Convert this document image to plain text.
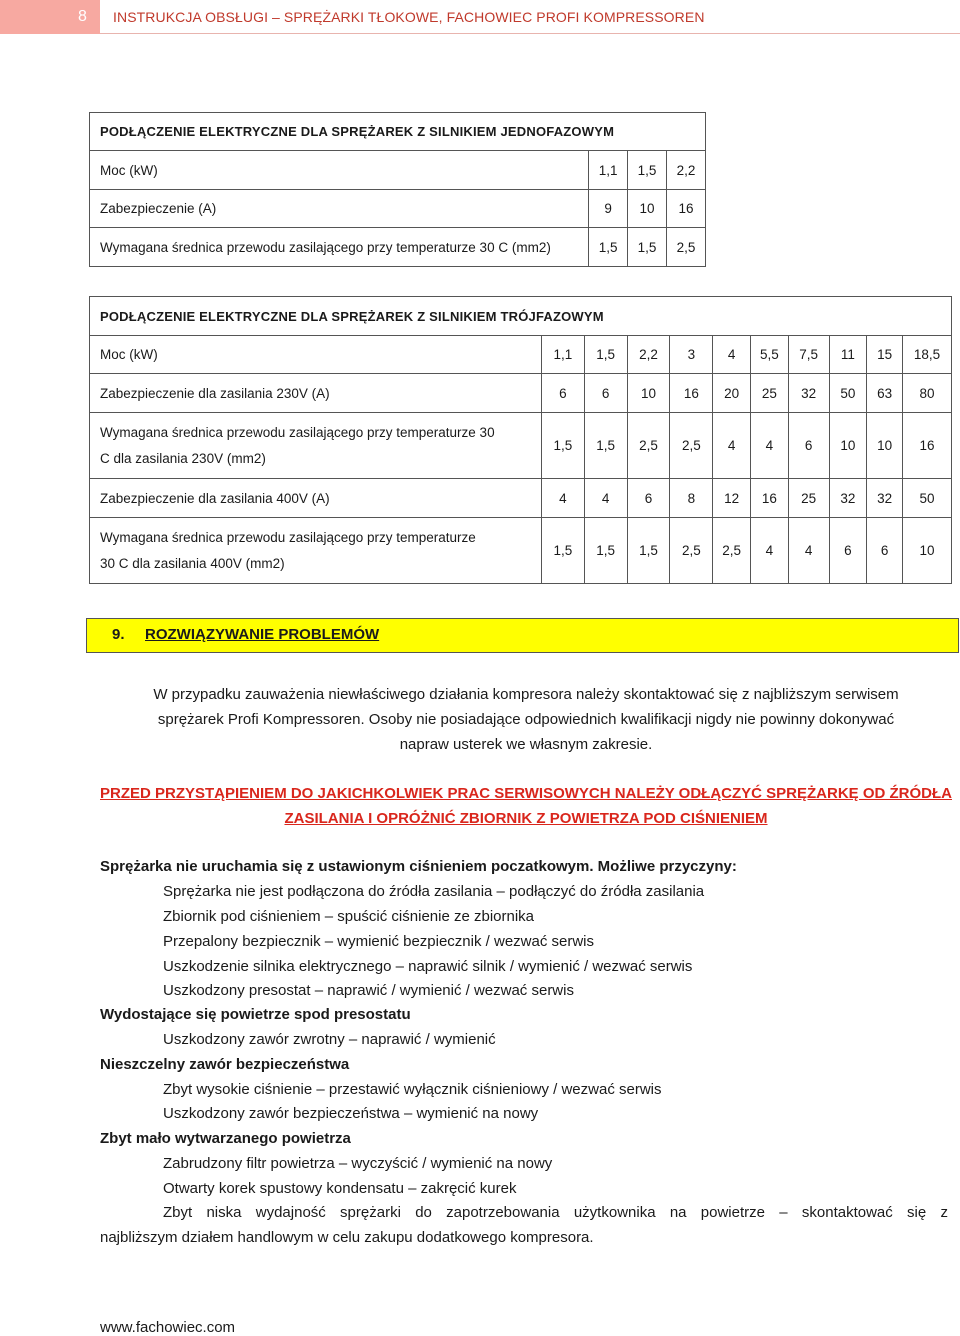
8 INSTRUKCJA OBSŁUGI – SPRĘŻARKI TŁOKOWE, FACHOWIEC PROFI KOMPRESSOREN
PODŁĄCZENIE ELEKTRYCZNE DLA SPRĘŻAREK Z SILNIKIEM JEDNOFAZOWYM			
Moc (kW)	1,1	1,5	2,2
Zabezpieczenie (A)	9	10	16
Wymagana średnica przewodu zasilającego przy temperaturze 30 C (mm2)	1,5	1,5	2,5
PODŁĄCZENIE ELEKTRYCZNE DLA SPRĘŻAREK Z SILNIKIEM TRÓJFAZOWYM										
Moc (kW)	1,1	1,5	2,2	3	4	5,5	7,5	11	15	18,5
Zabezpieczenie dla zasilania 230V (A)	6	6	10	16	20	25	32	50	63	80
Wymagana średnica przewodu zasilającego przy temperaturze 30
C dla zasilania 230V (mm2)	1,5	1,5	2,5	2,5	4	4	6	10	10	16
Zabezpieczenie dla zasilania 400V (A)	4	4	6	8	12	16	25	32	32	50
Wymagana średnica przewodu zasilającego przy temperaturze
30 C dla zasilania 400V (mm2)	1,5	1,5	1,5	2,5	2,5	4	4	6	6	10
9. ROZWIĄZYWANIE PROBLEMÓW
W przypadku zauważenia niewłaściwego działania kompresora należy skontaktować się z najbliższym serwisem
sprężarek Profi Kompressoren. Osoby nie posiadające odpowiednich kwalifikacji nigdy nie powinny dokonywać
napraw usterek we własnym zakresie.
PRZED PRZYSTĄPIENIEM DO JAKICHKOLWIEK PRAC SERWISOWYCH NALEŻY ODŁĄCZYĆ SPRĘŻARKĘ OD ŹRÓDŁA
ZASILANIA I OPRÓŻNIĆ ZBIORNIK Z POWIETRZA POD CIŚNIENIEM
Sprężarka nie uruchamia się z ustawionym ciśnieniem poczatkowym. Możliwe przyczyny:
Sprężarka nie jest podłączona do źródła zasilania – podłączyć do źródła zasilania
Zbiornik pod ciśnieniem – spuścić ciśnienie ze zbiornika
Przepalony bezpiecznik – wymienić bezpiecznik / wezwać serwis
Uszkodzenie silnika elektrycznego – naprawić silnik / wymienić / wezwać serwis
Uszkodzony presostat – naprawić / wymienić / wezwać serwis
Wydostające się powietrze spod presostatu
Uszkodzony zawór zwrotny – naprawić / wymienić
Nieszczelny zawór bezpieczeństwa
Zbyt wysokie ciśnienie – przestawić wyłącznik ciśnieniowy / wezwać serwis
Uszkodzony zawór bezpieczeństwa – wymienić na nowy
Zbyt mało wytwarzanego powietrza
Zabrudzony filtr powietrza – wyczyścić / wymienić na nowy
Otwarty korek spustowy kondensatu – zakręcić kurek
Zbyt niska wydajność sprężarki do zapotrzebowania użytkownika na powietrze – skontaktować się z
najbliższym działem handlowym w celu zakupu dodatkowego kompresora.
www.fachowiec.com
